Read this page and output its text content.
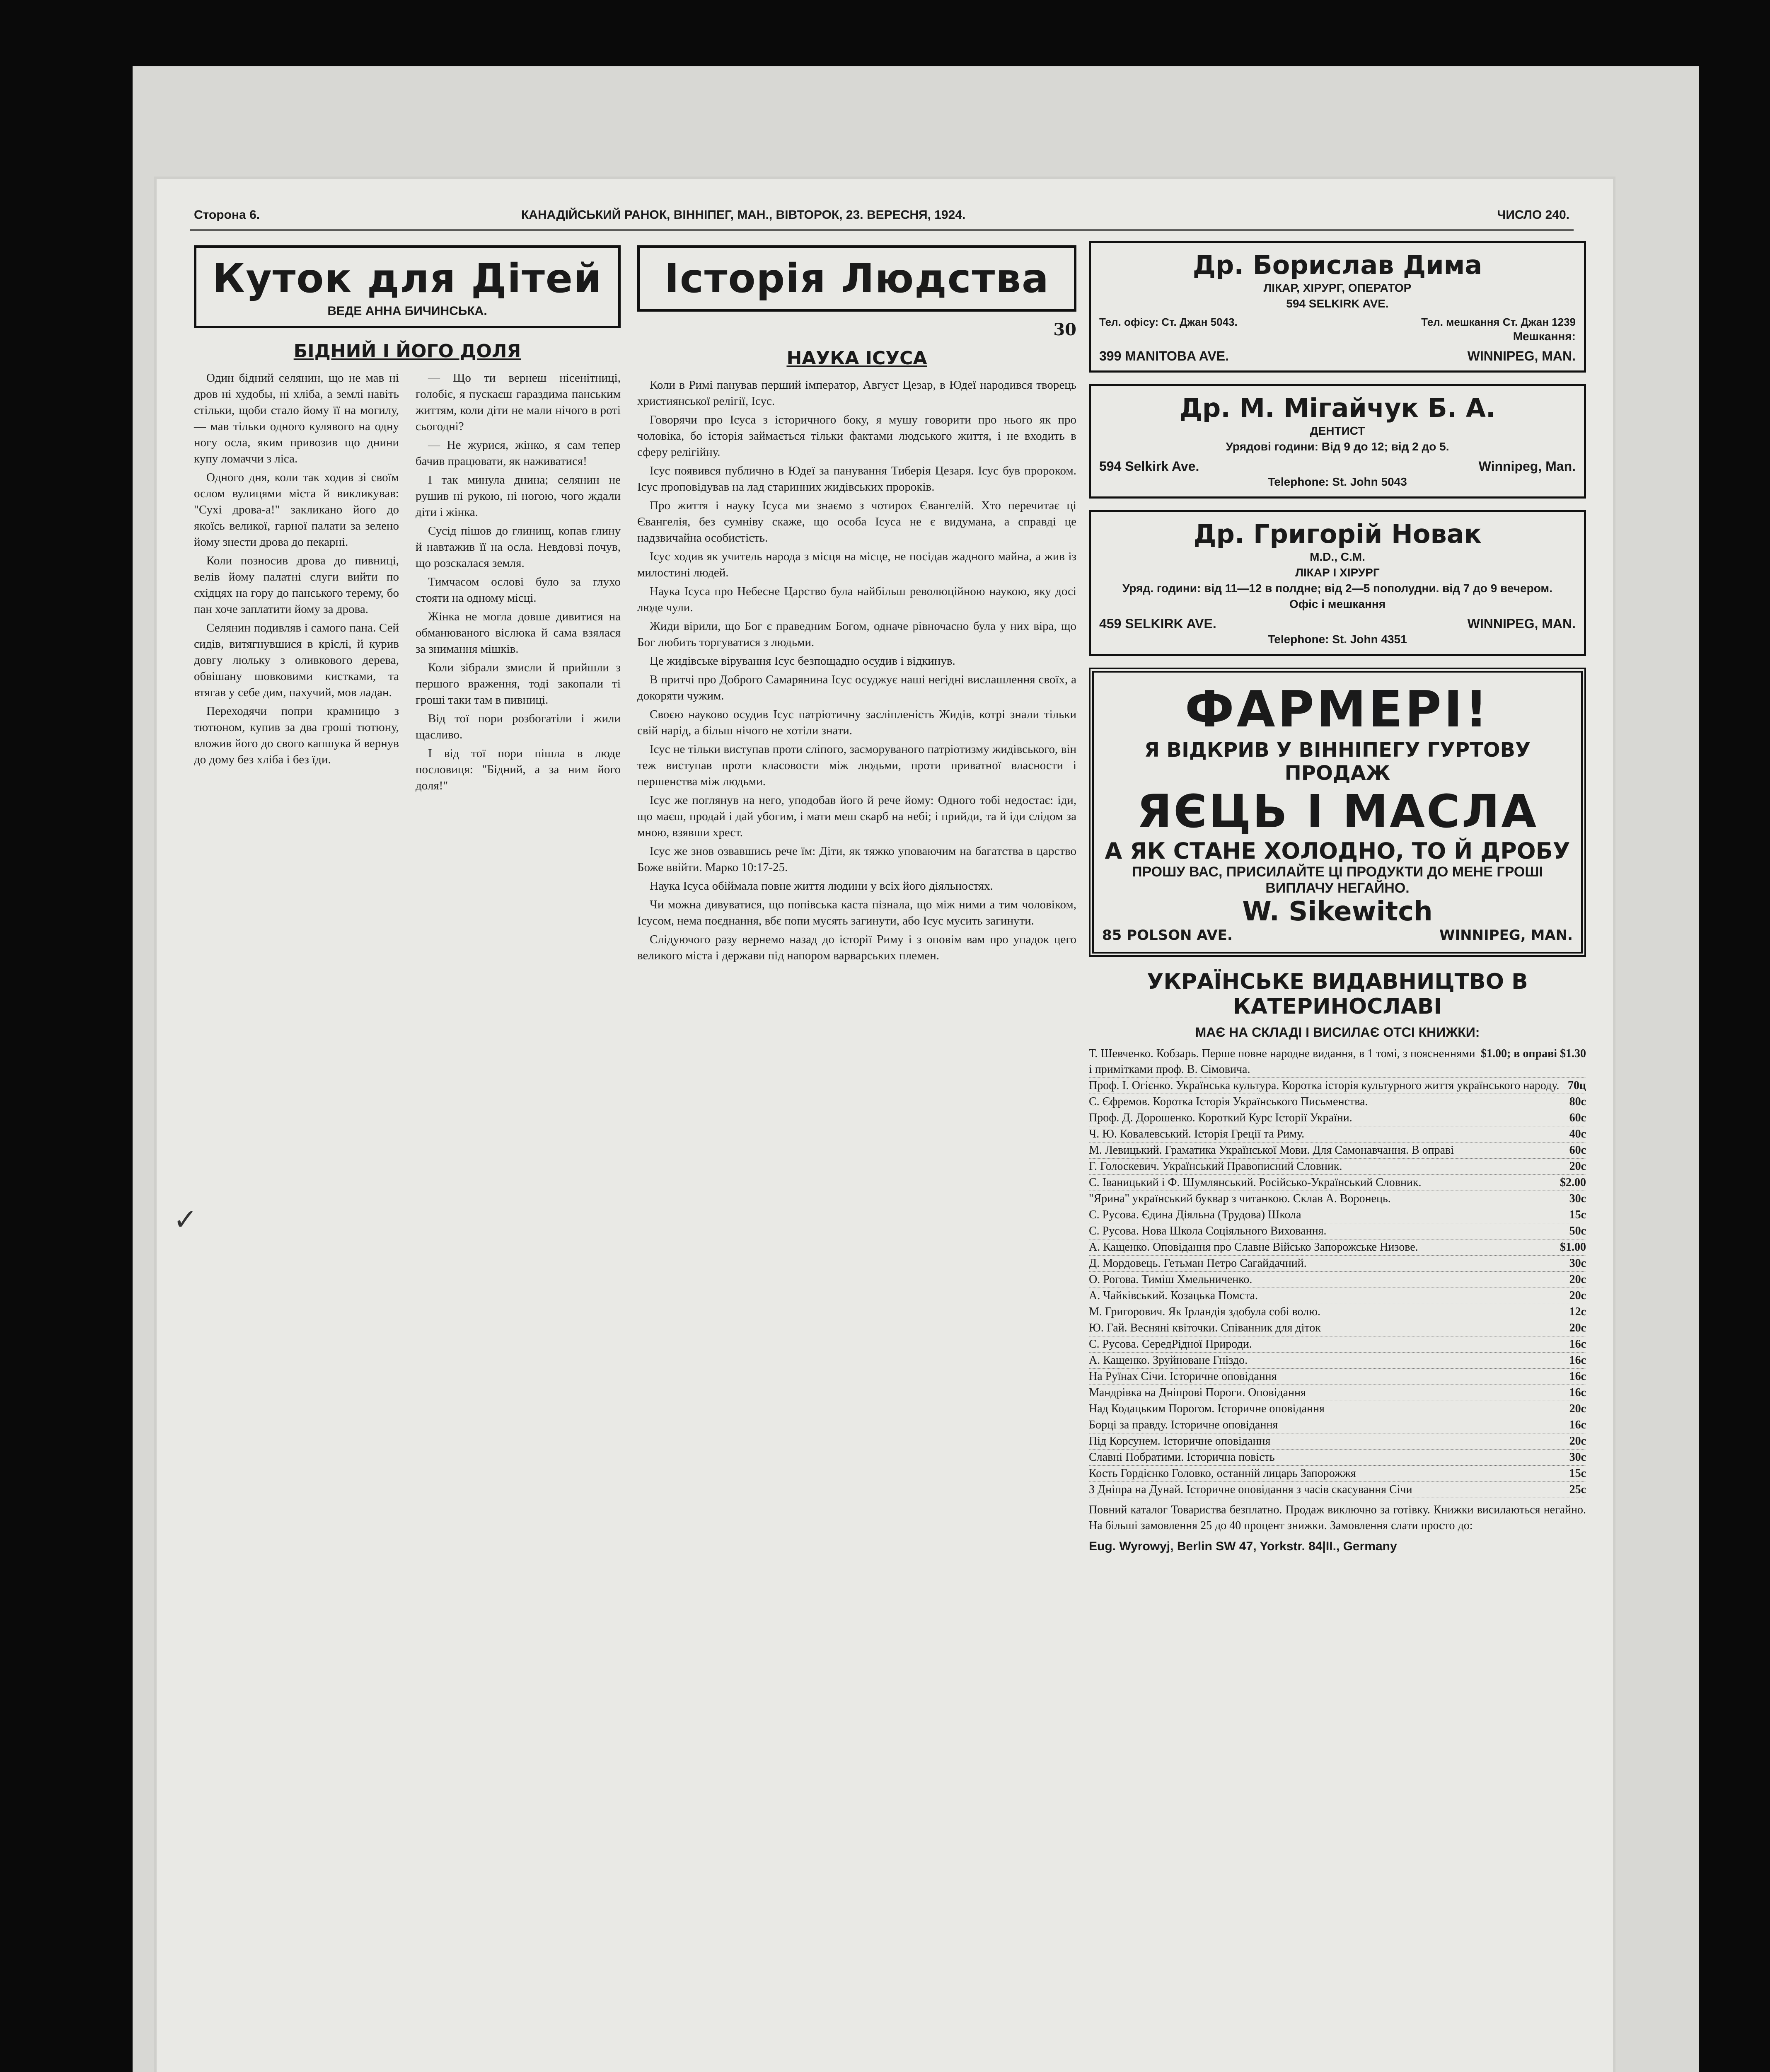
Сторона 6.	КАНАДІЙСЬКИЙ РАНОК, ВІННІПЕГ, МАН., ВІВТОРОК, 23. ВЕРЕСНЯ, 1924.	ЧИСЛО 240.
Куток для Дітей
ВЕДЕ АННА БИЧИНСЬКА.
БІДНИЙ І ЙОГО ДОЛЯ

Один бідний селянин, що не мав ні дров ні худобы, ні хліба, а землі навіть стільки, щоби стало йому її на могилу, — мав тільки одного кулявого на одну ногу осла, яким привозив що днини купу ломаччи з ліса.

Одного дня, коли так ходив зі своїм ослом вулицями міста й викликував: "Сухі дрова-а!" закликано його до якоїсь великої, гарної палати за зелено йому знести дрова до пекарні.

Коли позносив дрова до пивниці, велів йому палатні слуги вийти по східцях на гору до панського терему, бо пан хоче заплатити йому за дрова.

Селянин подивляв і самого пана. Сей сидів, витягнувшися в кріслі, й курив довгу люльку з оливкового дерева, обвішану шовковими кистками, та втягав у себе дим, пахучий, мов ладан.

Переходячи попри крамницю з тютюном, купив за два гроші тютюну, вложив його до свого капшука й вернув до дому без хліба і без їди.

— Що ти вернеш нісенітниці, голобіє, я пускаєш гараздима панським життям, коли діти не мали нічого в роті сьогодні?

— Не журися, жінко, я сам тепер бачив працювати, як наживатися!

І так минула днина; селянин не рушив ні рукою, ні ногою, чого ждали діти і жінка.

Сусід пішов до глинищ, копав глину й навтажив її на осла. Невдовзі почув, що розскалася земля.

Тимчасом ослові було за глухо стояти на одному місці.

Жінка не могла довше дивитися на обманюваного віслюка й сама взялася за знимання мішків.

Коли зібрали змисли й прийшли з першого враження, тоді закопали ті гроші таки там в пивниці.

Від тої пори розбогатіли і жили щасливо.

І від тої пори пішла в люде пословиця: "Бідний, а за ним його доля!"

Історія Людства
30
НАУКА ІСУСА

Коли в Римі панував перший імператор, Август Цезар, в Юдеї народився творець християнської релігії, Ісус.

Говорячи про Ісуса з історичного боку, я мушу говорити про нього як про чоловіка, бо історія займається тільки фактами людського життя, і не входить в сферу релігійну.

Ісус появився публично в Юдеї за панування Тиберія Цезаря. Ісус був пророком. Ісус проповідував на лад старинних жидівських пророків.

Про життя і науку Ісуса ми знаємо з чотирох Євангелій. Хто перечитає ці Євангелія, без сумніву скаже, що особа Ісуса не є видумана, а справді це надзвичайна особистість.

Ісус ходив як учитель народа з місця на місце, не посідав жадного майна, а жив із милостині людей.

Наука Ісуса про Небесне Царство була найбільш революційною наукою, яку досі люде чули.

Жиди вірили, що Бог є праведним Богом, одначе рівночасно була у них віра, що Бог любить торгуватися з людьми.

Це жидівське вірування Ісус безпощадно осудив і відкинув.

В притчі про Доброго Самарянина Ісус осуджує наші негідні вислашлення своїх, а докоряти чужим.

Своєю науково осудив Ісус патріотичну засліпленість Жидів, котрі знали тільки свій нарід, а більш нічого не хотіли знати.

Ісус не тільки виступав проти сліпого, засморуваного патріотизму жидівського, він теж виступав проти класовости між людьми, проти приватної власности і першенства між людьми.

Ісус же поглянув на него, уподобав його й рече йому: Одного тобі недостає: іди, що маєш, продай і дай убогим, і мати меш скарб на небі; і прийди, та й іди слідом за мною, взявши хрест.

Ісус же знов озвавшись рече їм: Діти, як тяжко уповаючим на багатства в царство Боже ввійти. Марко 10:17-25.

Наука Ісуса обіймала повне життя людини у всіх його діяльностях.

Чи можна дивуватися, що попівська каста пізнала, що між ними а тим чоловіком, Ісусом, нема поєднання, вбє попи мусять загинути, або Ісус мусить загинути.

Слідуючого разу вернемо назад до історії Риму і з оповім вам про упадок цего великого міста і держави під напором варварських племен.

Др. Борислав Дима
ЛІКАР, ХІРУРГ, ОПЕРАТОР
594 SELKIRK AVE.
Тел. офісу: Ст. Джан 5043.	Тел. мешкання Ст. Джан 1239
Мешкання:
399 MANITOBA AVE.	WINNIPEG, MAN.
Др. М. Мігайчук Б. А.
ДЕНТИСТ
Урядові години: Від 9 до 12; від 2 до 5.
594 Selkirk Ave.	Winnipeg, Man.
Telephone: St. John 5043
Др. Григорій Новак
M.D., C.M.
ЛІКАР І ХІРУРГ
Уряд. години: від 11—12 в полдне; від 2—5 пополудни. від 7 до 9 вечером.
Офіс і мешкання
459 SELKIRK AVE.	WINNIPEG, MAN.
Telephone: St. John 4351
ФАРМЕРІ!
Я ВІДКРИВ У ВІННІПЕГУ ГУРТОВУ ПРОДАЖ
ЯЄЦЬ І МАСЛА
А ЯК СТАНЕ ХОЛОДНО, ТО Й ДРОБУ
ПРОШУ ВАС, ПРИСИЛАЙТЕ ЦІ ПРОДУКТИ ДО МЕНЕ ГРОШІ ВИПЛАЧУ НЕГАЙНО.
W. Sikewitch
85 POLSON AVE.	WINNIPEG, MAN.
УКРАЇНСЬКЕ ВИДАВНИЦТВО В КАТЕРИНОСЛАВІ
МАЄ НА СКЛАДІ І ВИСИЛАЄ ОТСІ КНИЖКИ:
Т. Шевченко. Кобзарь. Перше повне народне видання, в 1 томі, з поясненнями і примітками проф. В. Сімовича.
$1.00; в оправі $1.30
Проф. І. Огієнко. Українська культура. Коротка історія культурного життя українського народу. 70ц
С. Єфремов. Коротка Історія Українського Письменства.	80с
Проф. Д. Дорошенко. Короткий Курс Історії України.	60с
Ч. Ю. Ковалевський. Історія Греції та Риму.	40с
М. Левицький. Граматика Української Мови. Для Самонавчання. В оправі	60с
Г. Голоскевич. Український Правописний Словник.	20с
С. Іваницький і Ф. Шумлянський. Російсько-Український Словник.	$2.00
"Ярина" український буквар з читанкою. Склав А. Воронець.	30с
С. Русова. Єдина Діяльна (Трудова) Школа	15с
С. Русова. Нова Школа Соціяльного Виховання.	50с
А. Кащенко. Оповідання про Славне Військо Запорожське Низове.	$1.00
Д. Мордовець. Гетьман Петро Сагайдачний.	30с
О. Рогова. Тиміш Хмельниченко.	20с
А. Чайківський. Козацька Помста.	20с
М. Григорович. Як Ірландія здобула собі волю.	12с
Ю. Гай. Весняні квіточки. Співанник для діток	20с
С. Русова. СередРідної Природи.	16с
А. Кащенко. Зруйноване Гніздо.	16с
На Руїнах Січи. Історичне оповідання	16с
Мандрівка на Дніпрові Пороги. Оповідання	16с
Над Кодацьким Порогом. Історичне оповідання	20с
Борці за правду. Історичне оповідання	16с
Під Корсунем. Історичне оповідання	20с
Славні Побратими. Історична повість	30с
Кость Гордієнко Головко, останній лицарь Запорожжя	15с
З Дніпра на Дунай. Історичне оповідання з часів скасування Січи	25с
Повний каталог Товариства безплатно. Продаж виключно за готівку. Книжки висилаються негайно. На більші замовлення 25 до 40 процент знижки. Замовлення слати просто до:
Eug. Wyrowyj, Berlin SW 47, Yorkstr. 84|II., Germany
✓
